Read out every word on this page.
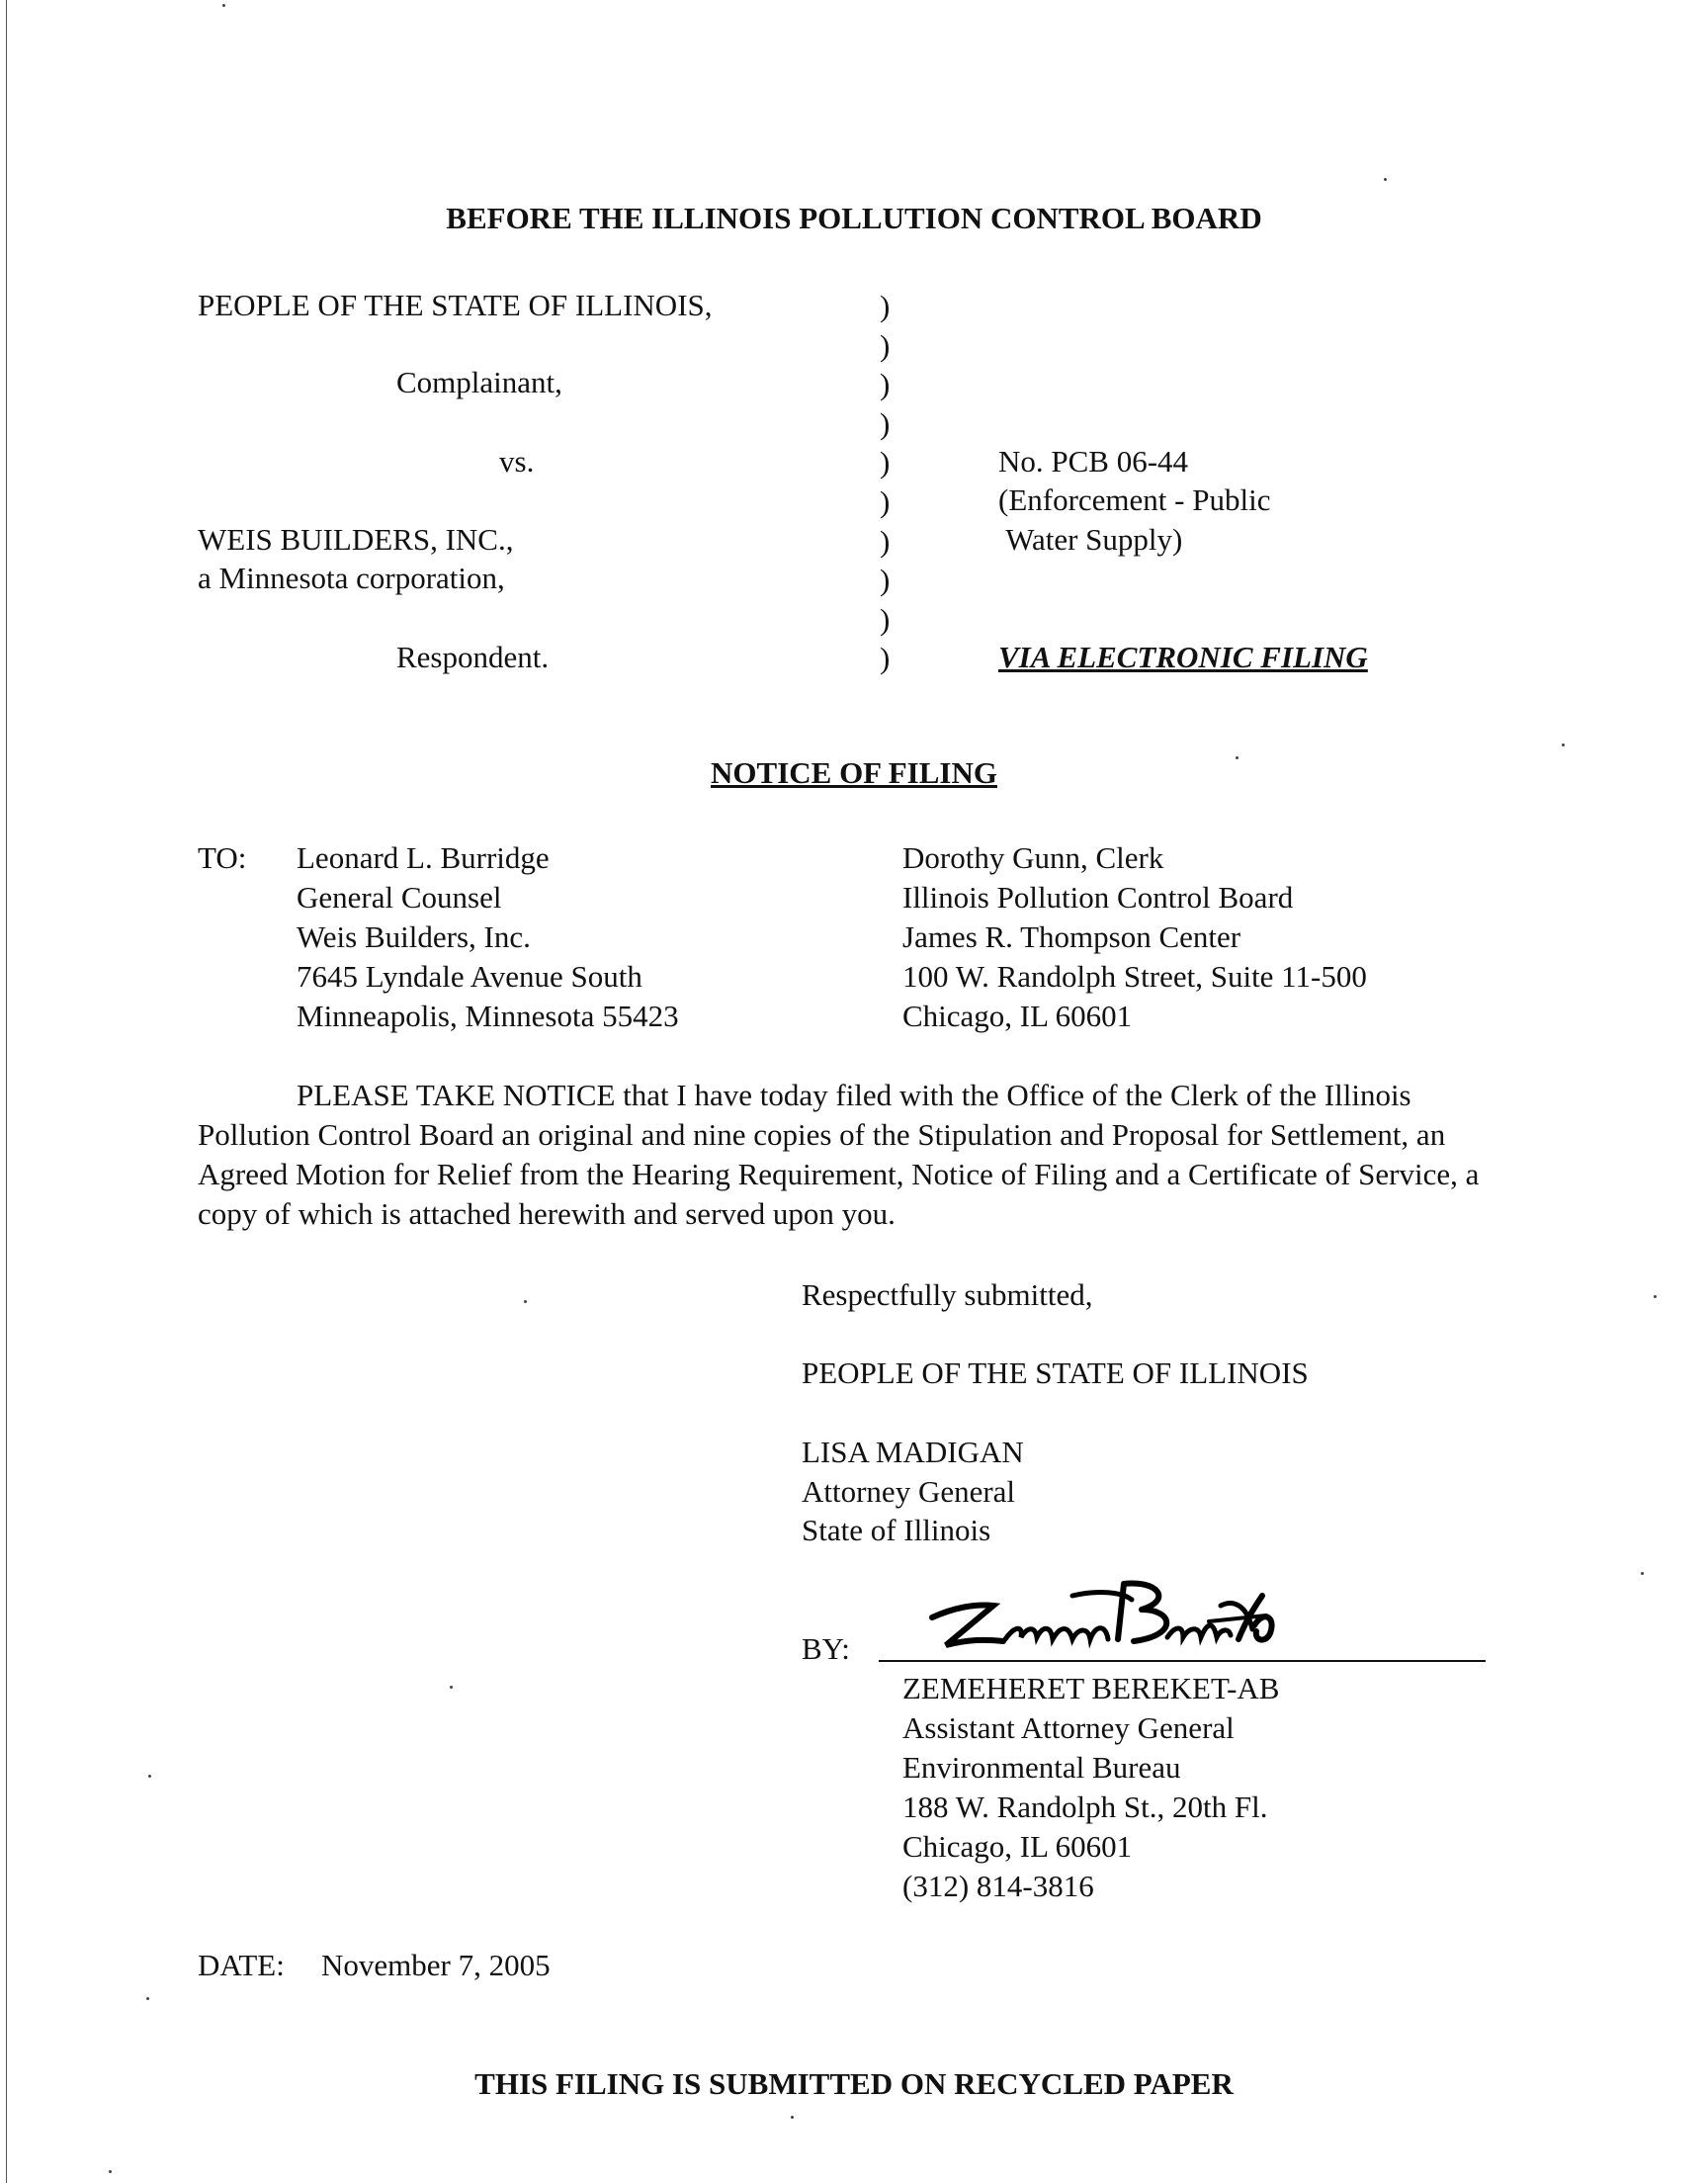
BEFORE THE ILLINOIS POLLUTION CONTROL BOARD
PEOPLE OF THE STATE OF ILLINOIS,
Complainant,
vs.
WEIS BUILDERS, INC.,
a Minnesota corporation,
Respondent.
)
)
)
)
)
)
)
)
)
)
No. PCB 06-44
(Enforcement - Public
Water Supply)
VIA ELECTRONIC FILING
NOTICE OF FILING
TO: Leonard L. Burridge
General Counsel
Weis Builders, Inc.
7645 Lyndale Avenue South
Minneapolis, Minnesota 55423
Dorothy Gunn, Clerk
Illinois Pollution Control Board
James R. Thompson Center
100 W. Randolph Street, Suite 11-500
Chicago, IL 60601
PLEASE TAKE NOTICE that I have today filed with the Office of the Clerk of the Illinois Pollution Control Board an original and nine copies of the Stipulation and Proposal for Settlement, an Agreed Motion for Relief from the Hearing Requirement, Notice of Filing and a Certificate of Service, a copy of which is attached herewith and served upon you.
Respectfully submitted,
PEOPLE OF THE STATE OF ILLINOIS
LISA MADIGAN
Attorney General
State of Illinois
BY:
ZEMEHERET BEREKET-AB
Assistant Attorney General
Environmental Bureau
188 W. Randolph St., 20th Fl.
Chicago, IL 60601
(312) 814-3816
DATE: November 7, 2005
THIS FILING IS SUBMITTED ON RECYCLED PAPER
